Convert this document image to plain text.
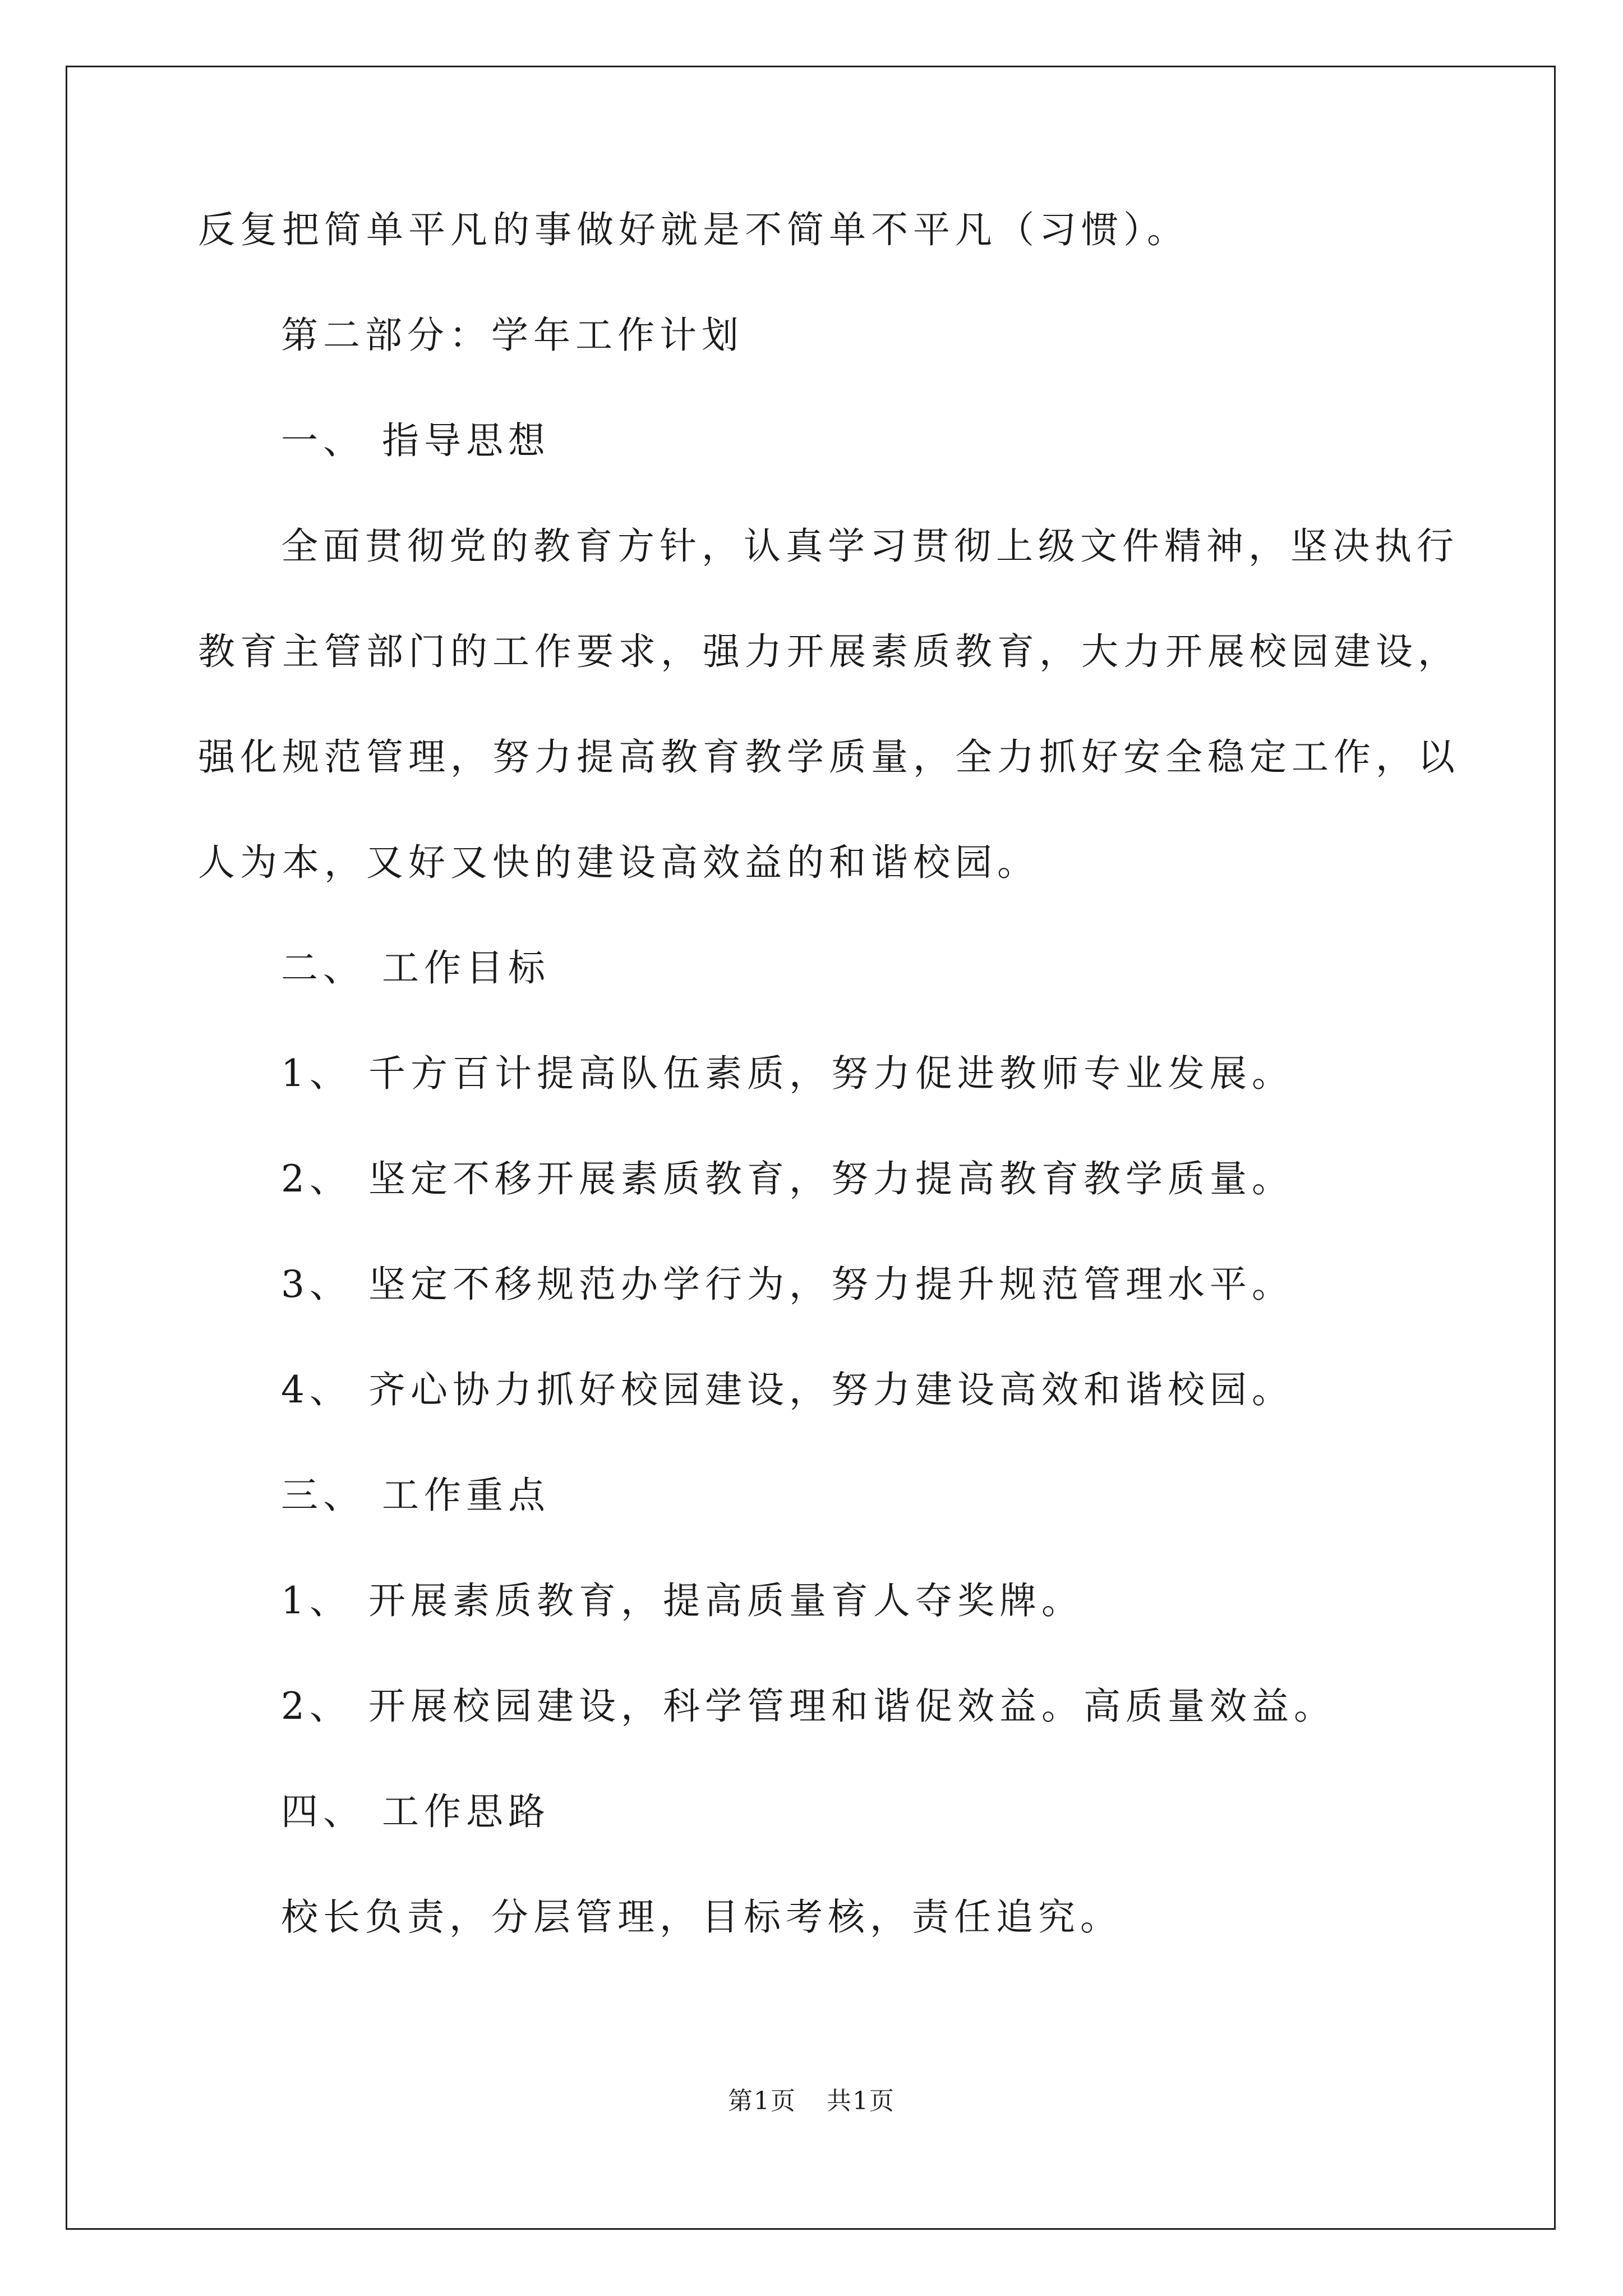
反复把简单平凡的事做好就是不简单不平凡（习惯）。
第二部分：学年工作计划
一、 指导思想
全面贯彻党的教育方针，认真学习贯彻上级文件精神，坚决执行
教育主管部门的工作要求，强力开展素质教育，大力开展校园建设，
强化规范管理，努力提高教育教学质量，全力抓好安全稳定工作，以
人为本，又好又快的建设高效益的和谐校园。
二、 工作目标
1、 千方百计提高队伍素质，努力促进教师专业发展。
2、 坚定不移开展素质教育，努力提高教育教学质量。
3、 坚定不移规范办学行为，努力提升规范管理水平。
4、 齐心协力抓好校园建设，努力建设高效和谐校园。
三、 工作重点
1、 开展素质教育，提高质量育人夺奖牌。
2、 开展校园建设，科学管理和谐促效益。高质量效益。
四、 工作思路
校长负责，分层管理，目标考核，责任追究。
第1页 共1页
